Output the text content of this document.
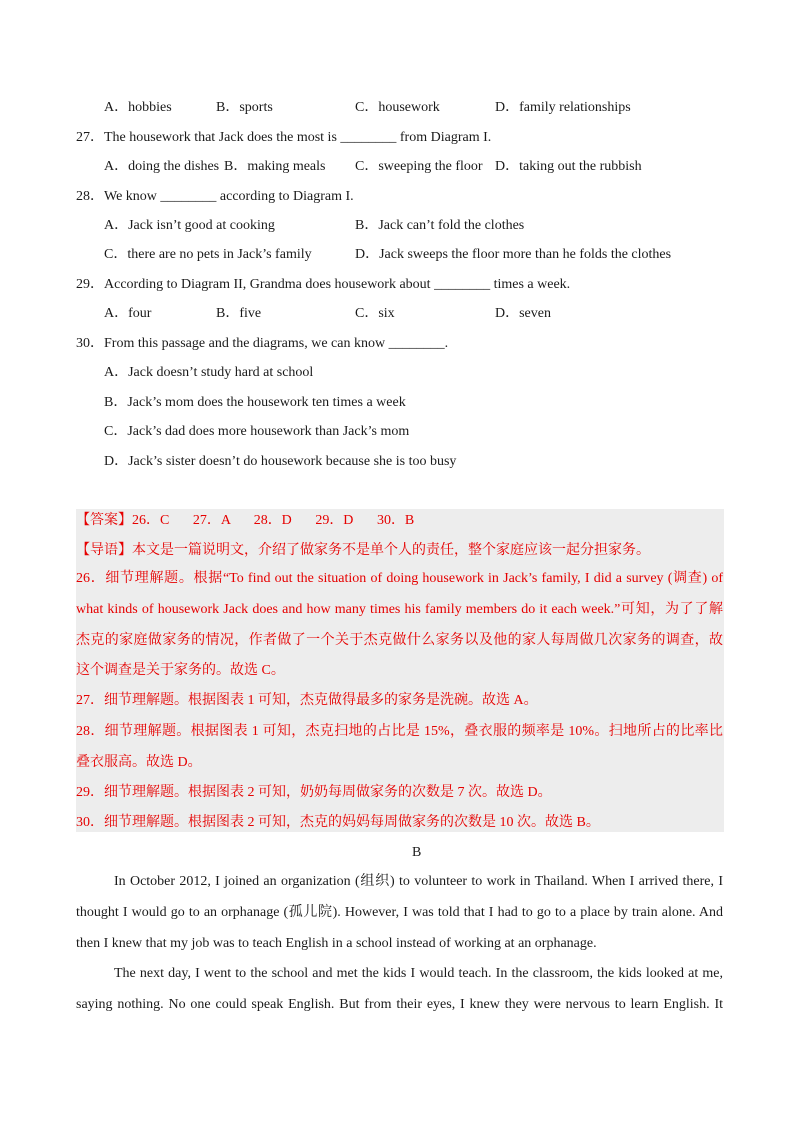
A．hobbies	B．sports	C．housework	D．family relationships
27．The housework that Jack does the most is ________ from Diagram I.
A．doing the dishes B．making meals C．sweeping the floor D．taking out the rubbish
28．We know ________ according to Diagram I.
A．Jack isn’t good at cooking	B．Jack can’t fold the clothes
C．there are no pets in Jack’s family	D．Jack sweeps the floor more than he folds the clothes
29．According to Diagram II, Grandma does housework about ________ times a week.
A．four	B．five	C．six	D．seven
30．From this passage and the diagrams, we can know ________.
A．Jack doesn’t study hard at school
B．Jack’s mom does the housework ten times a week
C．Jack’s dad does more housework than Jack’s mom
D．Jack’s sister doesn’t do housework because she is too busy
【答案】26．C 27．A 28．D 29．D 30．B
【导语】本文是一篇说明文，介绍了做家务不是单个人的责任，整个家庭应该一起分担家务。
26．细节理解题。根据“To find out the situation of doing housework in Jack’s family, I did a survey (调查) of
what kinds of housework Jack does and how many times his family members do it each week.”可知，为了了解
杰克的家庭做家务的情况，作者做了一个关于杰克做什么家务以及他的家人每周做几次家务的调查，故
这个调查是关于家务的。故选 C。
27．细节理解题。根据图表 1 可知，杰克做得最多的家务是洗碗。故选 A。
28．细节理解题。根据图表 1 可知，杰克扫地的占比是 15%，叠衣服的频率是 10%。扫地所占的比率比
叠衣服高。故选 D。
29．细节理解题。根据图表 2 可知，奶奶每周做家务的次数是 7 次。故选 D。
30．细节理解题。根据图表 2 可知，杰克的妈妈每周做家务的次数是 10 次。故选 B。
B
In October 2012, I joined an organization (组织) to volunteer to work in Thailand. When I arrived there, I
thought I would go to an orphanage (孤儿院). However, I was told that I had to go to a place by train alone. And
then I knew that my job was to teach English in a school instead of working at an orphanage.
The next day, I went to the school and met the kids I would teach. In the classroom, the kids looked at me,
saying nothing. No one could speak English. But from their eyes, I knew they were nervous to learn English. It
